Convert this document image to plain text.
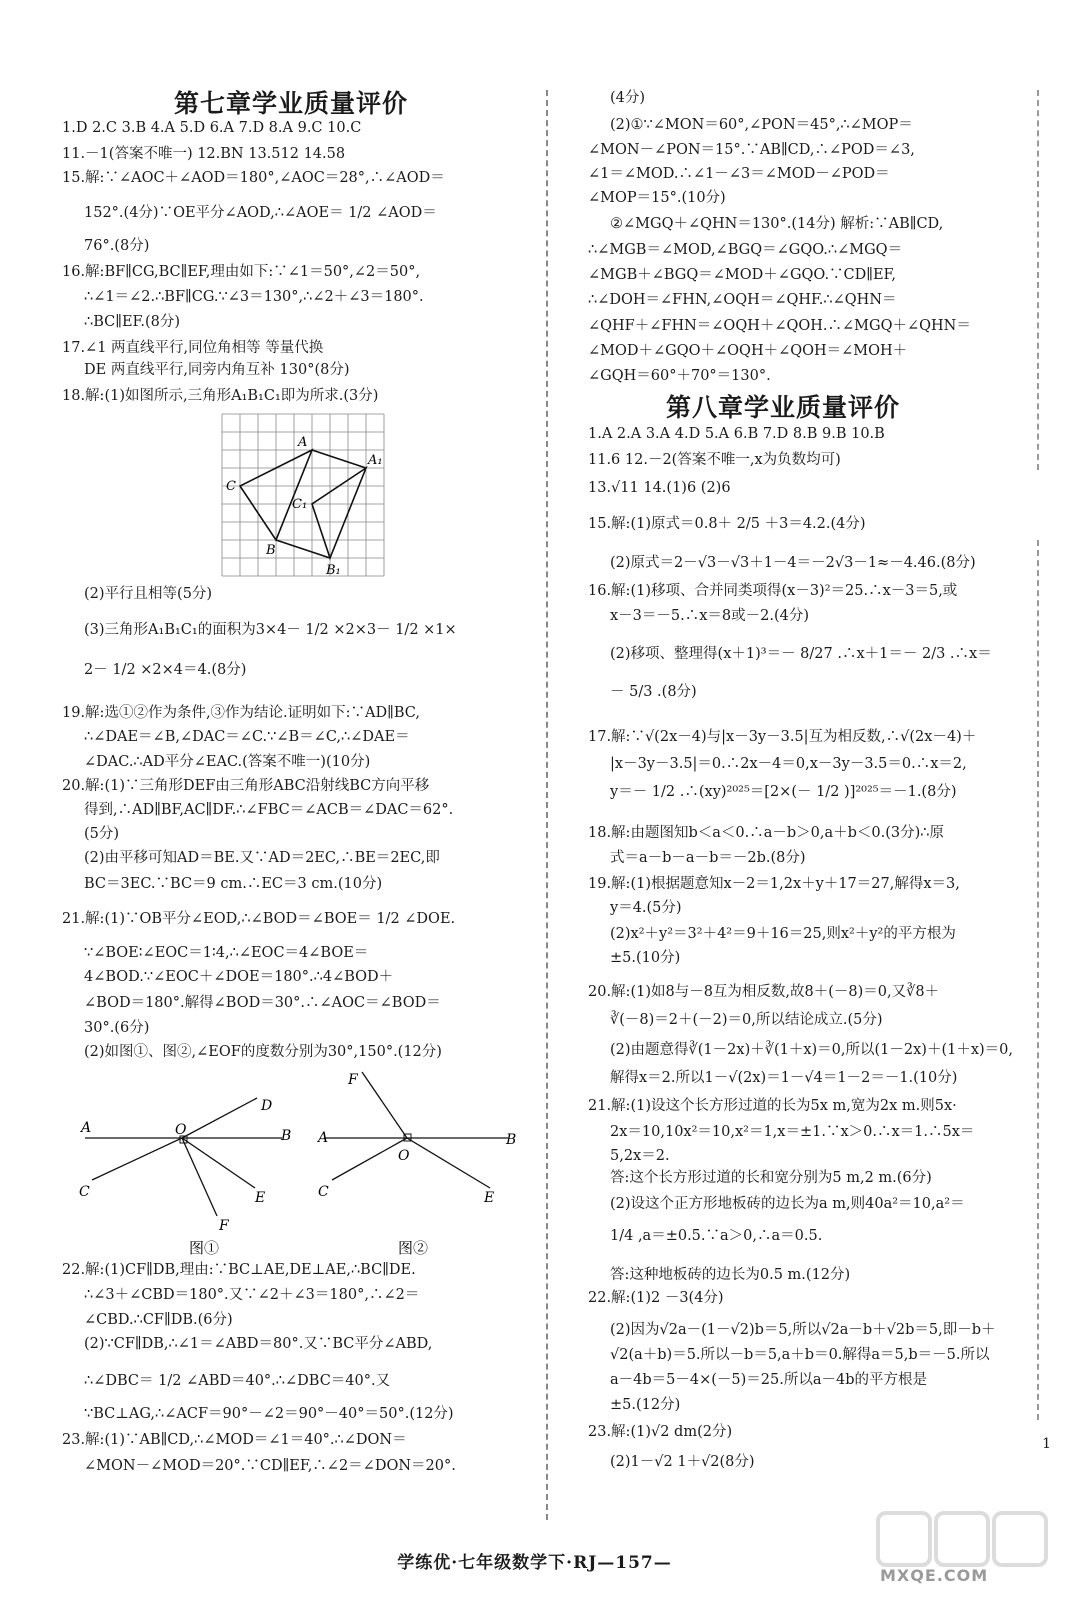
第七章学业质量评价
1.D 2.C 3.B 4.A 5.D 6.A 7.D 8.A 9.C 10.C
11.－1(答案不唯一) 12.BN 13.512 14.58
15.解:∵∠AOC＋∠AOD＝180°,∠AOC＝28°,∴∠AOD＝
152°.(4分)∵OE平分∠AOD,∴∠AOE＝ 1/2 ∠AOD＝
76°.(8分)
16.解:BF∥CG,BC∥EF,理由如下:∵∠1＝50°,∠2＝50°,
∴∠1＝∠2.∴BF∥CG.∵∠3＝130°,∴∠2＋∠3＝180°.
∴BC∥EF.(8分)
17.∠1 两直线平行,同位角相等 等量代换
DE 两直线平行,同旁内角互补 130°(8分)
18.解:(1)如图所示,三角形A₁B₁C₁即为所求.(3分)
(2)平行且相等(5分)
(3)三角形A₁B₁C₁的面积为3×4－ 1/2 ×2×3－ 1/2 ×1×
2－ 1/2 ×2×4＝4.(8分)
19.解:选①②作为条件,③作为结论.证明如下:∵AD∥BC,
∴∠DAE＝∠B,∠DAC＝∠C.∵∠B＝∠C,∴∠DAE＝
∠DAC.∴AD平分∠EAC.(答案不唯一)(10分)
20.解:(1)∵三角形DEF由三角形ABC沿射线BC方向平移
得到,∴AD∥BF,AC∥DF.∴∠FBC＝∠ACB＝∠DAC＝62°.
(5分)
(2)由平移可知AD＝BE.又∵AD＝2EC,∴BE＝2EC,即
BC＝3EC.∵BC＝9 cm.∴EC＝3 cm.(10分)
21.解:(1)∵OB平分∠EOD,∴∠BOD＝∠BOE＝ 1/2 ∠DOE.
∵∠BOE∶∠EOC＝1∶4,∴∠EOC＝4∠BOE＝
4∠BOD.∵∠EOC＋∠DOE＝180°.∴4∠BOD＋
∠BOD＝180°.解得∠BOD＝30°.∴∠AOC＝∠BOD＝
30°.(6分)
(2)如图①、图②,∠EOF的度数分别为30°,150°.(12分)
22.解:(1)CF∥DB,理由:∵BC⊥AE,DE⊥AE,∴BC∥DE.
∴∠3＋∠CBD＝180°.又∵∠2＋∠3＝180°,∴∠2＝
∠CBD.∴CF∥DB.(6分)
(2)∵CF∥DB,∴∠1＝∠ABD＝80°.又∵BC平分∠ABD,
∴∠DBC＝ 1/2 ∠ABD＝40°.∴∠DBC＝40°.又
∵BC⊥AG,∴∠ACF＝90°－∠2＝90°－40°＝50°.(12分)
23.解:(1)∵AB∥CD,∴∠MOD＝∠1＝40°.∴∠DON＝
∠MON－∠MOD＝20°.∵CD∥EF,∴∠2＝∠DON＝20°.
A
A₁
C
C₁
B
B₁
A	B
O
D
C	E
F
图①
F
A	B
O
C	E
图②
第八章学业质量评价
(4分)
(2)①∵∠MON＝60°,∠PON＝45°,∴∠MOP＝
∠MON－∠PON＝15°.∵AB∥CD,∴∠POD＝∠3,
∠1＝∠MOD.∴∠1－∠3＝∠MOD－∠POD＝
∠MOP＝15°.(10分)
②∠MGQ＋∠QHN＝130°.(14分) 解析:∵AB∥CD,
∴∠MGB＝∠MOD,∠BGQ＝∠GQO.∴∠MGQ＝
∠MGB＋∠BGQ＝∠MOD＋∠GQO.∵CD∥EF,
∴∠DOH＝∠FHN,∠OQH＝∠QHF.∴∠QHN＝
∠QHF＋∠FHN＝∠OQH＋∠QOH.∴∠MGQ＋∠QHN＝
∠MOD＋∠GQO＋∠OQH＋∠QOH＝∠MOH＋
∠GQH＝60°＋70°＝130°.
1.A 2.A 3.A 4.D 5.A 6.B 7.D 8.B 9.B 10.B
11.6 12.－2(答案不唯一,x为负数均可)
13.√11 14.(1)6 (2)6
15.解:(1)原式＝0.8＋ 2/5 ＋3＝4.2.(4分)
(2)原式＝2－√3－√3＋1－4＝－2√3－1≈－4.46.(8分)
16.解:(1)移项、合并同类项得(x－3)²＝25.∴x－3＝5,或
x－3＝－5.∴x＝8或－2.(4分)
(2)移项、整理得(x＋1)³＝－ 8/27 .∴x＋1＝－ 2/3 .∴x＝
－ 5/3 .(8分)
17.解:∵√(2x－4)与|x－3y－3.5|互为相反数,∴√(2x－4)＋
|x－3y－3.5|＝0.∴2x－4＝0,x－3y－3.5＝0.∴x＝2,
y＝－ 1/2 .∴(xy)²⁰²⁵＝[2×(－ 1/2 )]²⁰²⁵＝－1.(8分)
18.解:由题图知b＜a＜0.∴a－b＞0,a＋b＜0.(3分)∴原
式＝a－b－a－b＝－2b.(8分)
19.解:(1)根据题意知x－2＝1,2x＋y＋17＝27,解得x＝3,
y＝4.(5分)
(2)x²＋y²＝3²＋4²＝9＋16＝25,则x²＋y²的平方根为
±5.(10分)
20.解:(1)如8与－8互为相反数,故8＋(－8)＝0,又∛8＋
∛(－8)＝2＋(－2)＝0,所以结论成立.(5分)
(2)由题意得∛(1－2x)＋∛(1＋x)＝0,所以(1－2x)＋(1＋x)＝0,
解得x＝2.所以1－√(2x)＝1－√4＝1－2＝－1.(10分)
21.解:(1)设这个长方形过道的长为5x m,宽为2x m.则5x·
2x＝10,10x²＝10,x²＝1,x＝±1.∵x＞0.∴x＝1.∴5x＝
5,2x＝2.
答:这个长方形过道的长和宽分别为5 m,2 m.(6分)
(2)设这个正方形地板砖的边长为a m,则40a²＝10,a²＝
1/4 ,a＝±0.5.∵a＞0,∴a＝0.5.
答:这种地板砖的边长为0.5 m.(12分)
22.解:(1)2 －3(4分)
(2)因为√2a－(1－√2)b＝5,所以√2a－b＋√2b＝5,即－b＋
√2(a＋b)＝5.所以－b＝5,a＋b＝0.解得a＝5,b＝－5.所以
a－4b＝5－4×(－5)＝25.所以a－4b的平方根是
±5.(12分)
23.解:(1)√2 dm(2分)
(2)1－√2 1＋√2(8分)
1
学练优·七年级数学下·RJ—157—
MXQE.COM
